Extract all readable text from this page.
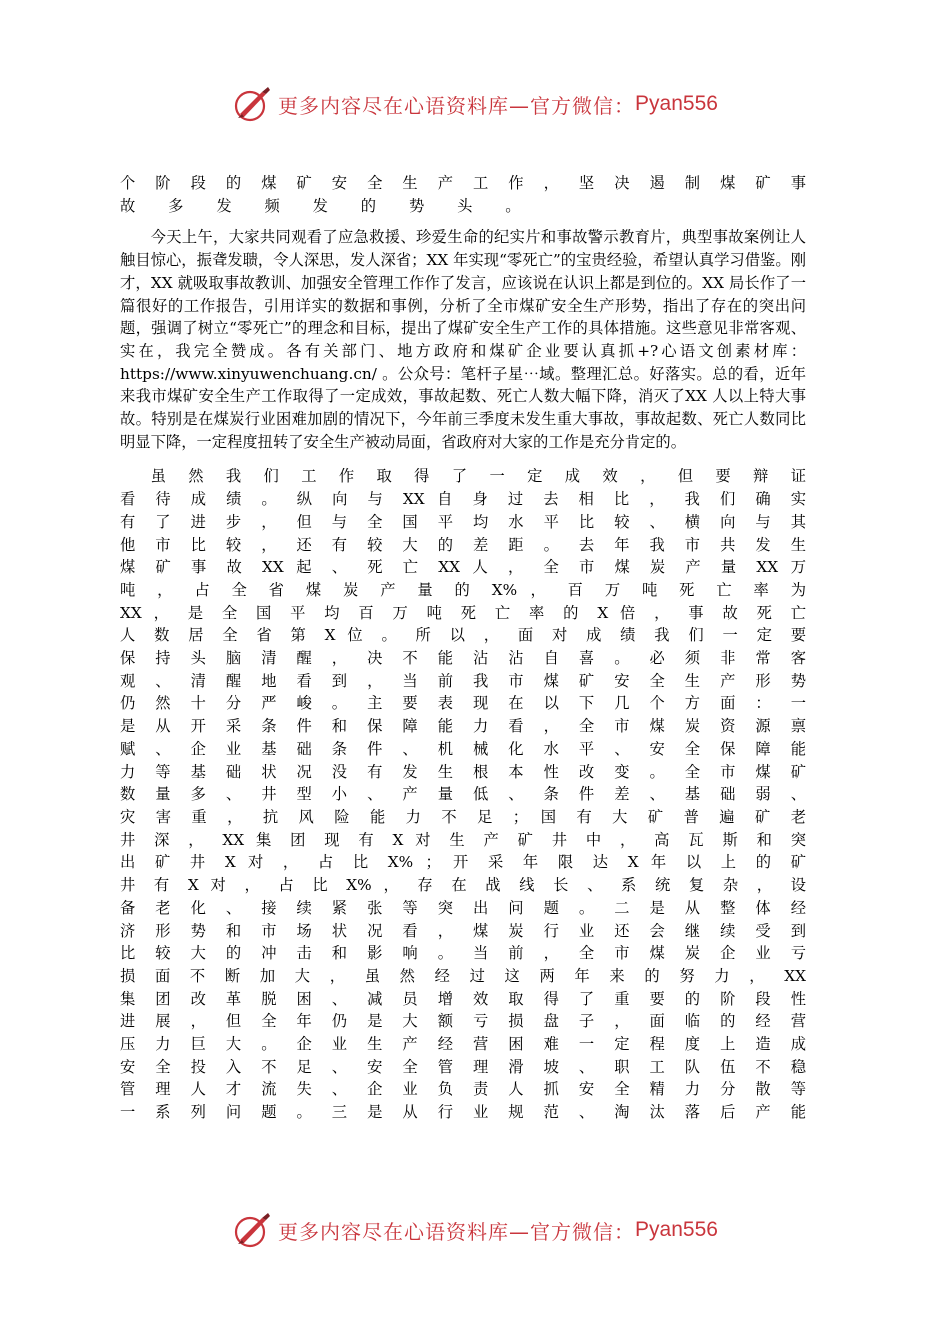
更多内容尽在心语资料库—官方微信： Pyan556
个 阶 段 的 煤 矿 安 全 生 产 工 作 ， 坚 决 遏 制 煤 矿 事
故 多 发 频 发 的 势 头 。
今天上午，大家共同观看了应急救援、珍爱生命的纪实片和事故警示教育片，典型事故案例让人触目惊心，振聋发聩，令人深思，发人深省；XX 年实现“零死亡”的宝贵经验，希望认真学习借鉴。刚才，XX 就吸取事故教训、加强安全管理工作作了发言，应该说在认识上都是到位的。XX 局长作了一篇很好的工作报告，引用详实的数据和事例，分析了全市煤矿安全生产形势，指出了存在的突出问题，强调了树立“零死亡”的理念和目标，提出了煤矿安全生产工作的具体措施。这些意见非常客观、实在，我完全赞成。各有关部门、地方政府和煤矿企业要认真抓+?心语文创素材库：https://www.xinyuwenchuang.cn/ 。公众号：笔杆子星⋯域。整理汇总。好落实。总的看，近年来我市煤矿安全生产工作取得了一定成效，事故起数、死亡人数大幅下降，消灭了XX 人以上特大事故。特别是在煤炭行业困难加剧的情况下，今年前三季度未发生重大事故，事故起数、死亡人数同比明显下降，一定程度扭转了安全生产被动局面，省政府对大家的工作是充分肯定的。
虽 然 我 们 工 作 取 得 了 一 定 成 效 ， 但 要 辩 证
看 待 成 绩 。 纵 向 与 XX 自 身 过 去 相 比 ， 我 们 确 实
有 了 进 步 ， 但 与 全 国 平 均 水 平 比 较 、 横 向 与 其
他 市 比 较 ， 还 有 较 大 的 差 距 。 去 年 我 市 共 发 生
煤 矿 事 故 XX 起 、 死 亡 XX 人 ， 全 市 煤 炭 产 量 XX 万
吨 ， 占 全 省 煤 炭 产 量 的 X% ， 百 万 吨 死 亡 率 为
XX ， 是 全 国 平 均 百 万 吨 死 亡 率 的 X 倍 ， 事 故 死 亡
人 数 居 全 省 第 X 位 。 所 以 ， 面 对 成 绩 我 们 一 定 要
保 持 头 脑 清 醒 ， 决 不 能 沾 沾 自 喜 。 必 须 非 常 客
观 、 清 醒 地 看 到 ， 当 前 我 市 煤 矿 安 全 生 产 形 势
仍 然 十 分 严 峻 。 主 要 表 现 在 以 下 几 个 方 面 ： 一
是 从 开 采 条 件 和 保 障 能 力 看 ， 全 市 煤 炭 资 源 禀
赋 、 企 业 基 础 条 件 、 机 械 化 水 平 、 安 全 保 障 能
力 等 基 础 状 况 没 有 发 生 根 本 性 改 变 。 全 市 煤 矿
数 量 多 、 井 型 小 、 产 量 低 、 条 件 差 、 基 础 弱 、
灾 害 重 ， 抗 风 险 能 力 不 足 ； 国 有 大 矿 普 遍 矿 老
井 深 ， XX 集 团 现 有 X 对 生 产 矿 井 中 ， 高 瓦 斯 和 突
出 矿 井 X 对 ， 占 比 X% ； 开 采 年 限 达 X 年 以 上 的 矿
井 有 X 对 ， 占 比 X% ， 存 在 战 线 长 、 系 统 复 杂 ， 设
备 老 化 、 接 续 紧 张 等 突 出 问 题 。 二 是 从 整 体 经
济 形 势 和 市 场 状 况 看 ， 煤 炭 行 业 还 会 继 续 受 到
比 较 大 的 冲 击 和 影 响 。 当 前 ， 全 市 煤 炭 企 业 亏
损 面 不 断 加 大 ， 虽 然 经 过 这 两 年 来 的 努 力 ， XX
集 团 改 革 脱 困 、 减 员 增 效 取 得 了 重 要 的 阶 段 性
进 展 ， 但 全 年 仍 是 大 额 亏 损 盘 子 ， 面 临 的 经 营
压 力 巨 大 。 企 业 生 产 经 营 困 难 一 定 程 度 上 造 成
安 全 投 入 不 足 、 安 全 管 理 滑 坡 、 职 工 队 伍 不 稳
管 理 人 才 流 失 、 企 业 负 责 人 抓 安 全 精 力 分 散 等
一 系 列 问 题 。 三 是 从 行 业 规 范 、 淘 汰 落 后 产 能
更多内容尽在心语资料库—官方微信： Pyan556
